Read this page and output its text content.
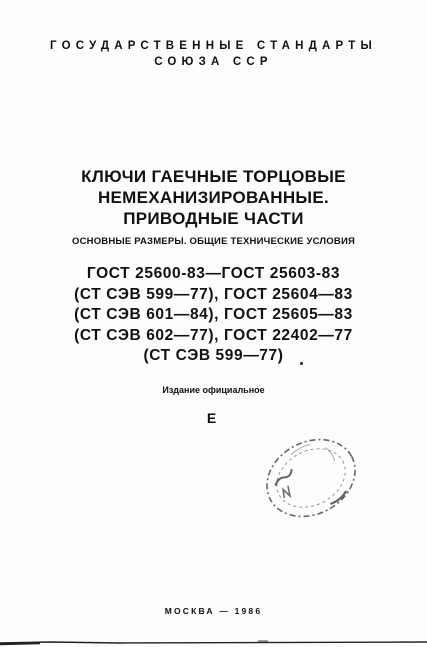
ГОСУДАРСТВЕННЫЕ СТАНДАРТЫ
СОЮЗА ССР
КЛЮЧИ ГАЕЧНЫЕ ТОРЦОВЫЕ
НЕМЕХАНИЗИРОВАННЫЕ.
ПРИВОДНЫЕ ЧАСТИ
ОСНОВНЫЕ РАЗМЕРЫ. ОБЩИЕ ТЕХНИЧЕСКИЕ УСЛОВИЯ
ГОСТ 25600-83—ГОСТ 25603-83
(СТ СЭВ 599—77), ГОСТ 25604—83
(СТ СЭВ 601—84), ГОСТ 25605—83
(СТ СЭВ 602—77), ГОСТ 22402—77
(СТ СЭВ 599—77)
Издание официальное
Е
МОСКВА — 1986
